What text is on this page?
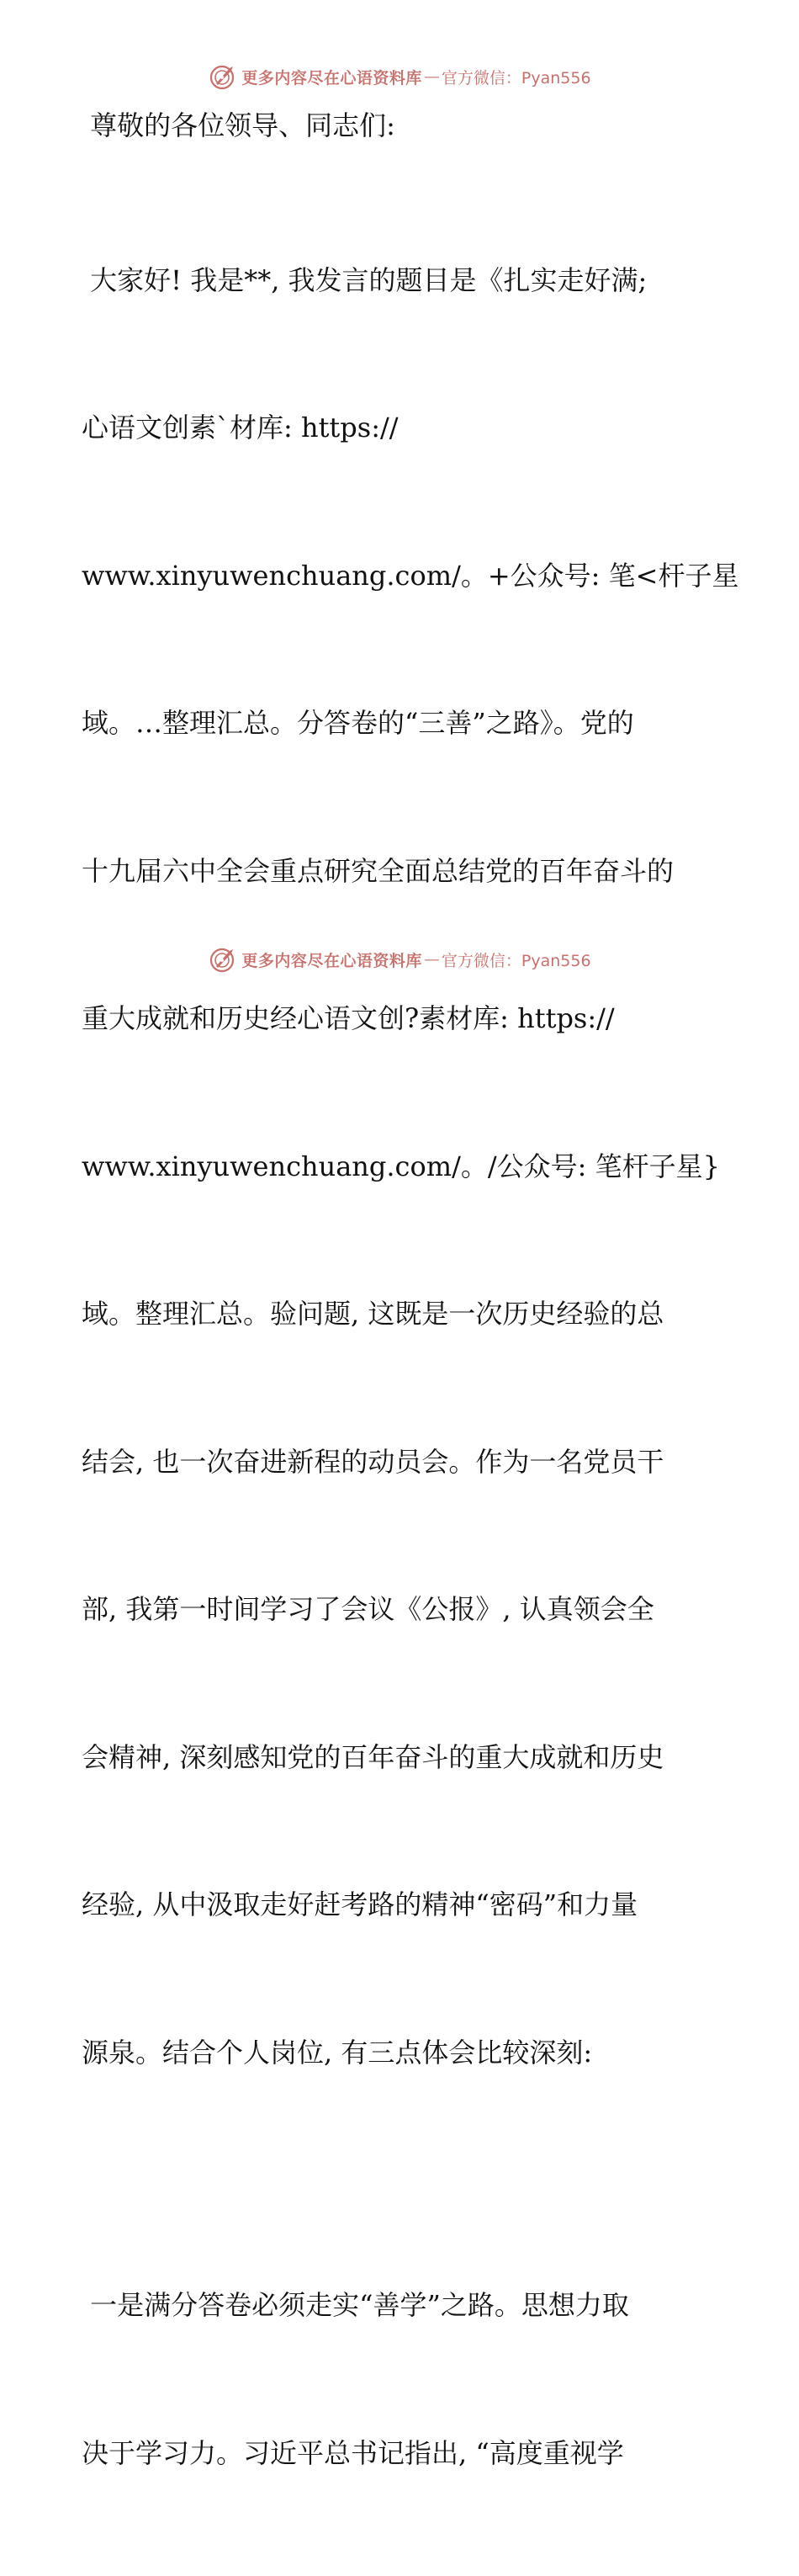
更多内容尽在心语资料库 — 官方微信：Pyan556

尊敬的各位领导、同志们:

大家好! 我是**, 我发言的题目是《扎实走好满;

心语文创素`材库: https://

www.xinyuwenchuang.com/。+公众号: 笔<杆子星

域。…整理汇总。分答卷的“三善”之路》。党的

十九届六中全会重点研究全面总结党的百年奋斗的

重大成就和历史经心语文创?素材库: https://

www.xinyuwenchuang.com/。/公众号: 笔杆子星}

域。整理汇总。验问题, 这既是一次历史经验的总

结会, 也一次奋进新程的动员会。作为一名党员干

部, 我第一时间学习了会议《公报》, 认真领会全

会精神, 深刻感知党的百年奋斗的重大成就和历史

经验, 从中汲取走好赶考路的精神“密码”和力量

源泉。结合个人岗位, 有三点体会比较深刻:

一是满分答卷必须走实“善学”之路。思想力取

决于学习力。习近平总书记指出, “高度重视学

更多内容尽在心语资料库 — 官方微信：Pyan556
